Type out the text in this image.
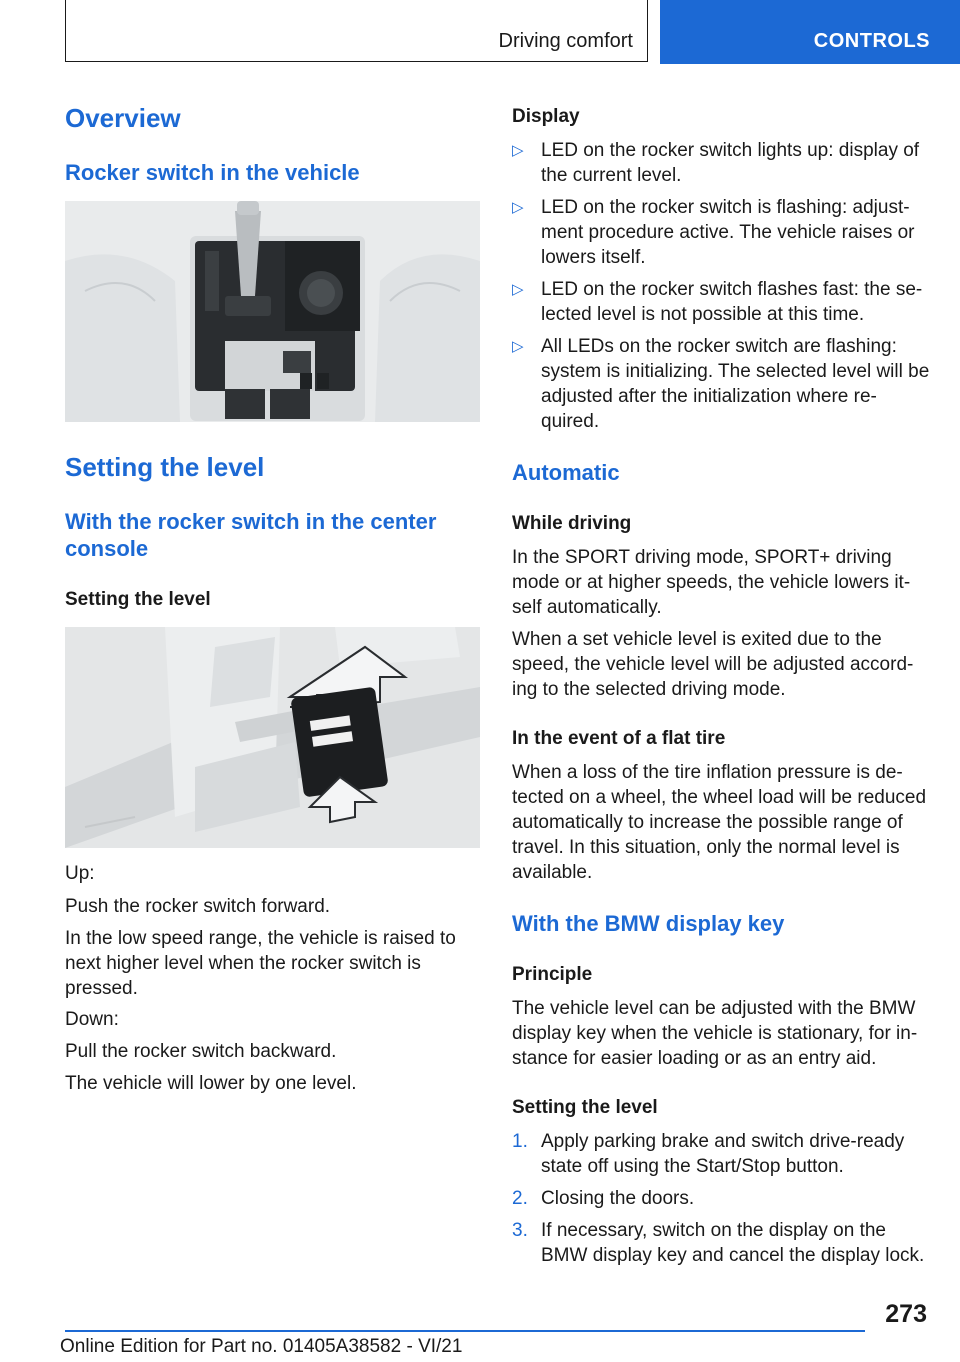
Driving comfort	CONTROLS
Overview
Rocker switch in the vehicle
Setting the level
With the rocker switch in the center console
Setting the level
Up:
Push the rocker switch forward.
In the low speed range, the vehicle is raised to next higher level when the rocker switch is pressed.
Down:
Pull the rocker switch backward.
The vehicle will lower by one level.
Display
▷ LED on the rocker switch lights up: display of the current level.
▷ LED on the rocker switch is flashing: adjust‐ment procedure active. The vehicle raises or lowers itself.
▷ LED on the rocker switch flashes fast: the se‐lected level is not possible at this time.
▷ All LEDs on the rocker switch are flashing: system is initializing. The selected level will be adjusted after the initialization where re‐quired.
Automatic
While driving
In the SPORT driving mode, SPORT+ driving mode or at higher speeds, the vehicle lowers it‐self automatically.
When a set vehicle level is exited due to the speed, the vehicle level will be adjusted accord‐ing to the selected driving mode.
In the event of a flat tire
When a loss of the tire inflation pressure is de‐tected on a wheel, the wheel load will be reduced automatically to increase the possible range of travel. In this situation, only the normal level is available.
With the BMW display key
Principle
The vehicle level can be adjusted with the BMW display key when the vehicle is stationary, for in‐stance for easier loading or as an entry aid.
Setting the level
1. Apply parking brake and switch drive-ready state off using the Start/Stop button.
2. Closing the doors.
3. If necessary, switch on the display on the BMW display key and cancel the display lock.
273
Online Edition for Part no. 01405A38582 - VI/21
